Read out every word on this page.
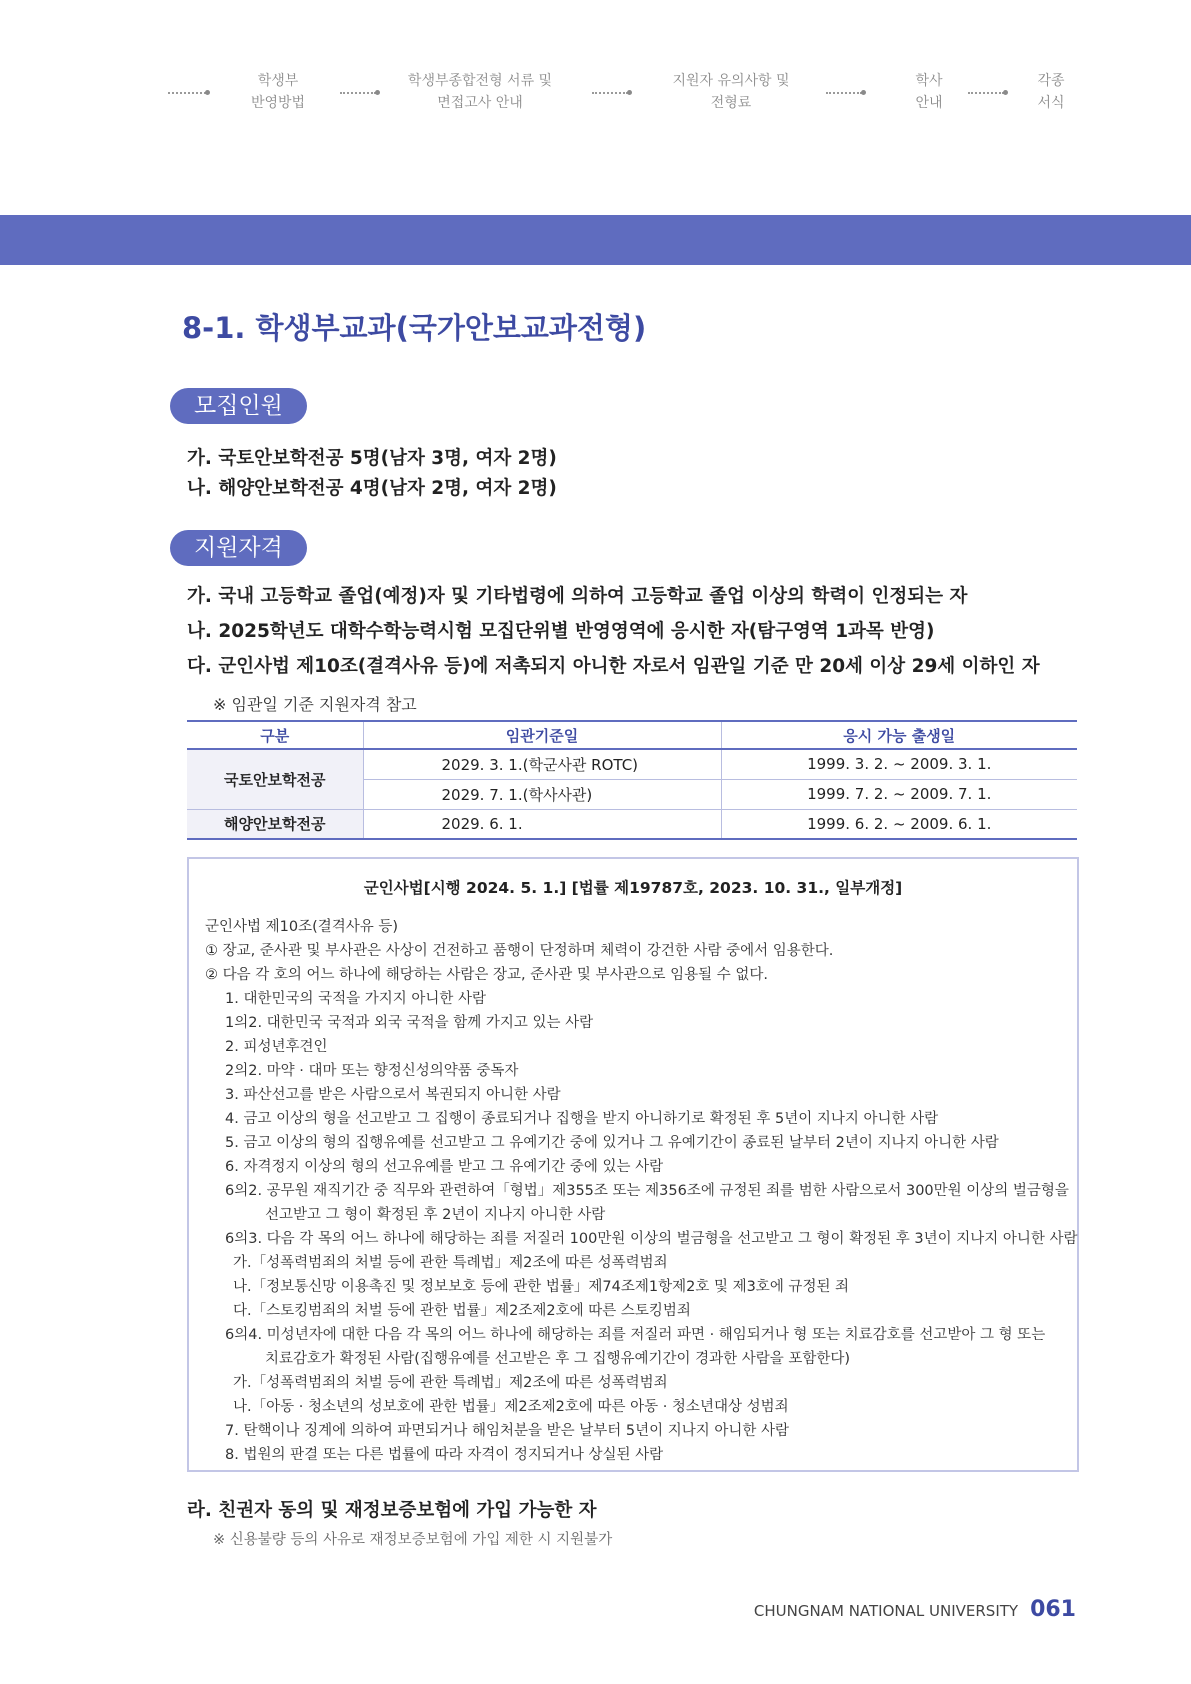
학생부
반영방법
학생부종합전형 서류 및
면접고사 안내
지원자 유의사항 및
전형료
학사
안내
각종
서식
8-1. 학생부교과(국가안보교과전형)
모집인원
가. 국토안보학전공 5명(남자 3명, 여자 2명)
나. 해양안보학전공 4명(남자 2명, 여자 2명)
지원자격
가. 국내 고등학교 졸업(예정)자 및 기타법령에 의하여 고등학교 졸업 이상의 학력이 인정되는 자
나. 2025학년도 대학수학능력시험 모집단위별 반영영역에 응시한 자(탐구영역 1과목 반영)
다. 군인사법 제10조(결격사유 등)에 저촉되지 아니한 자로서 임관일 기준 만 20세 이상 29세 이하인 자
※ 임관일 기준 지원자격 참고
구분	임관기준일	응시 가능 출생일
국토안보학전공	2029. 3. 1.(학군사관 ROTC)	1999. 3. 2. ~ 2009. 3. 1.
	2029. 7. 1.(학사사관)	1999. 7. 2. ~ 2009. 7. 1.
해양안보학전공	2029. 6. 1.	1999. 6. 2. ~ 2009. 6. 1.
군인사법[시행 2024. 5. 1.] [법률 제19787호, 2023. 10. 31., 일부개정]
군인사법 제10조(결격사유 등)
① 장교, 준사관 및 부사관은 사상이 건전하고 품행이 단정하며 체력이 강건한 사람 중에서 임용한다.
② 다음 각 호의 어느 하나에 해당하는 사람은 장교, 준사관 및 부사관으로 임용될 수 없다.
1. 대한민국의 국적을 가지지 아니한 사람
1의2. 대한민국 국적과 외국 국적을 함께 가지고 있는 사람
2. 피성년후견인
2의2. 마약 · 대마 또는 향정신성의약품 중독자
3. 파산선고를 받은 사람으로서 복권되지 아니한 사람
4. 금고 이상의 형을 선고받고 그 집행이 종료되거나 집행을 받지 아니하기로 확정된 후 5년이 지나지 아니한 사람
5. 금고 이상의 형의 집행유예를 선고받고 그 유예기간 중에 있거나 그 유예기간이 종료된 날부터 2년이 지나지 아니한 사람
6. 자격정지 이상의 형의 선고유예를 받고 그 유예기간 중에 있는 사람
6의2. 공무원 재직기간 중 직무와 관련하여「형법」제355조 또는 제356조에 규정된 죄를 범한 사람으로서 300만원 이상의 벌금형을
선고받고 그 형이 확정된 후 2년이 지나지 아니한 사람
6의3. 다음 각 목의 어느 하나에 해당하는 죄를 저질러 100만원 이상의 벌금형을 선고받고 그 형이 확정된 후 3년이 지나지 아니한 사람
가.「성폭력범죄의 처벌 등에 관한 특례법」제2조에 따른 성폭력범죄
나.「정보통신망 이용촉진 및 정보보호 등에 관한 법률」제74조제1항제2호 및 제3호에 규정된 죄
다.「스토킹범죄의 처벌 등에 관한 법률」제2조제2호에 따른 스토킹범죄
6의4. 미성년자에 대한 다음 각 목의 어느 하나에 해당하는 죄를 저질러 파면 · 해임되거나 형 또는 치료감호를 선고받아 그 형 또는
치료감호가 확정된 사람(집행유예를 선고받은 후 그 집행유예기간이 경과한 사람을 포함한다)
가.「성폭력범죄의 처벌 등에 관한 특례법」제2조에 따른 성폭력범죄
나.「아동 · 청소년의 성보호에 관한 법률」제2조제2호에 따른 아동 · 청소년대상 성범죄
7. 탄핵이나 징계에 의하여 파면되거나 해임처분을 받은 날부터 5년이 지나지 아니한 사람
8. 법원의 판결 또는 다른 법률에 따라 자격이 정지되거나 상실된 사람
라. 친권자 동의 및 재정보증보험에 가입 가능한 자
※ 신용불량 등의 사유로 재정보증보험에 가입 제한 시 지원불가
CHUNGNAM NATIONAL UNIVERSITY 061
